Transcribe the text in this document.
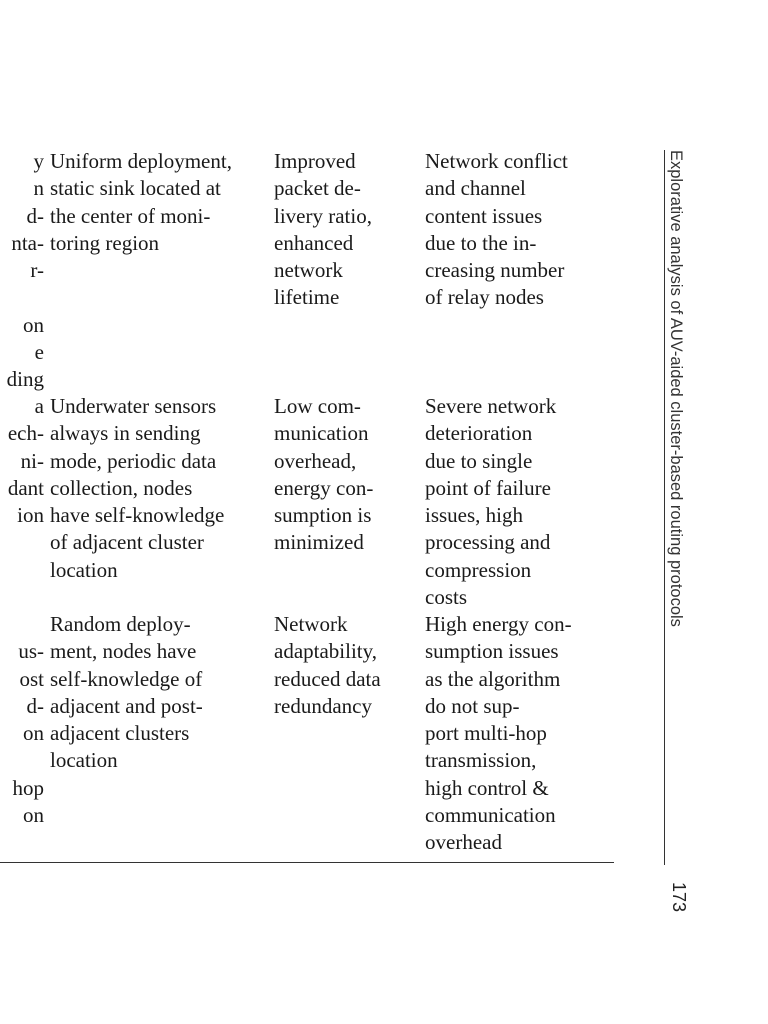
y
n
d-
nta-
r-
on
e
ding
Uniform deployment,
static sink located at
the center of moni-
toring region
Improved
packet de-
livery ratio,
enhanced
network
lifetime
Network conflict
and channel
content issues
due to the in-
creasing number
of relay nodes
a
ech-
ni-
dant
ion
Underwater sensors
always in sending
mode, periodic data
collection, nodes
have self-knowledge
of adjacent cluster
location
Low com-
munication
overhead,
energy con-
sumption is
minimized
Severe network
deterioration
due to single
point of failure
issues, high
processing and
compression
costs
us-
ost
d-
on
hop
on
Random deploy-
ment, nodes have
self-knowledge of
adjacent and post-
adjacent clusters
location
Network
adaptability,
reduced data
redundancy
High energy con-
sumption issues
as the algorithm
do not sup-
port multi-hop
transmission,
high control &
communication
overhead
Explorative analysis of AUV-aided cluster-based routing protocols
173
